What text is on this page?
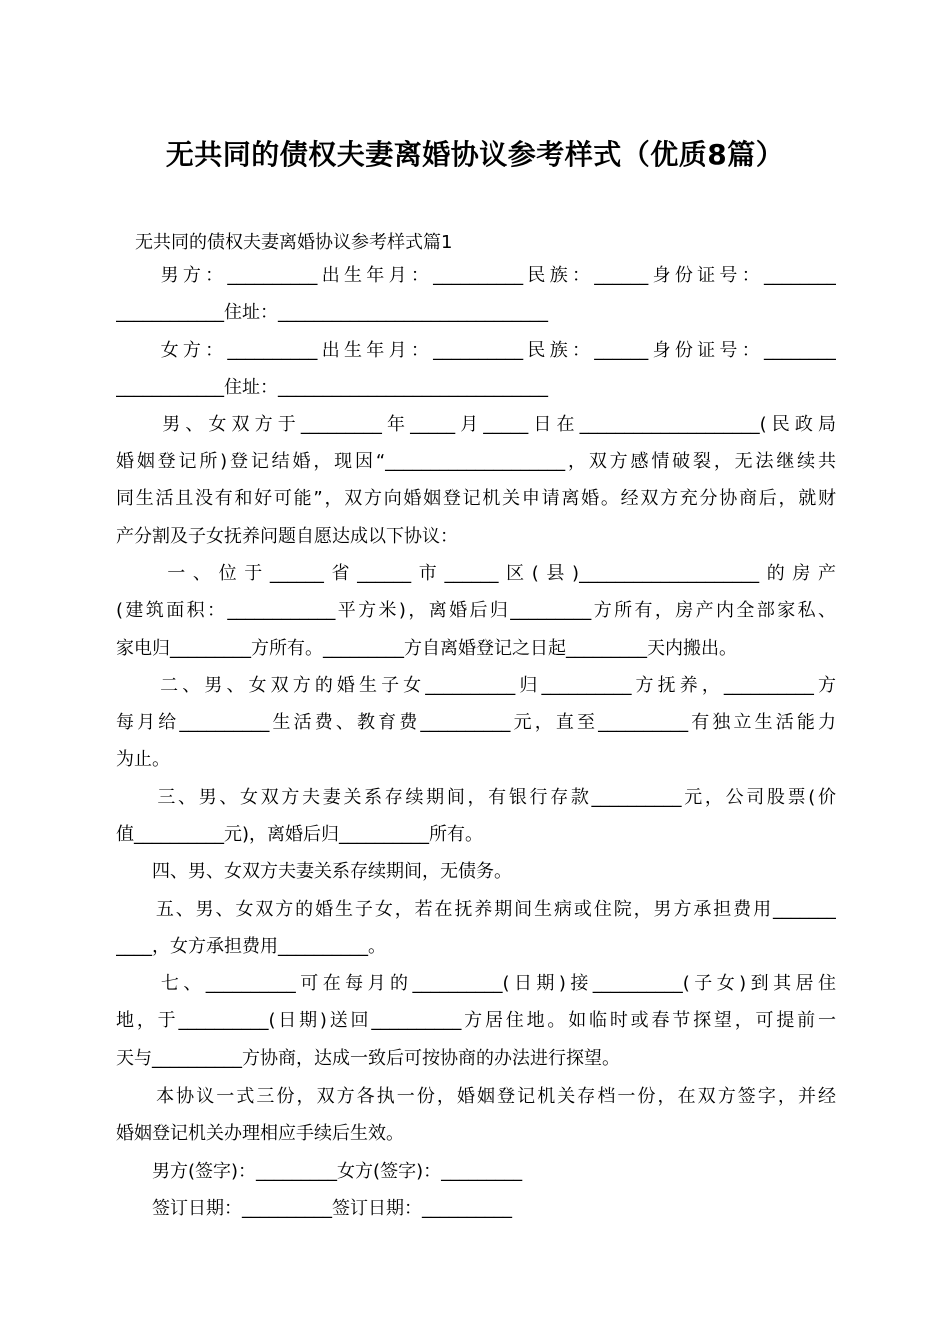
无共同的债权夫妻离婚协议参考样式（优质8篇）
无共同的债权夫妻离婚协议参考样式篇1
　　男方：__________出生年月：__________民族：______身份证号：________
____________住址：______________________________
　　女方：__________出生年月：__________民族：______身份证号：________
____________住址：______________________________
　　男、女双方于_________年_____月_____日在____________________(民政局
婚姻登记所)登记结婚，现因“____________________，双方感情破裂，无法继续共
同生活且没有和好可能”，双方向婚姻登记机关申请离婚。经双方充分协商后，就财
产分割及子女抚养问题自愿达成以下协议：
　　一、位于______省______市______区(县)____________________的房产
(建筑面积：____________平方米)，离婚后归_________方所有，房产内全部家私、
家电归_________方所有。_________方自离婚登记之日起_________天内搬出。
　　二、男、女双方的婚生子女__________归__________方抚养，__________方
每月给__________生活费、教育费__________元，直至__________有独立生活能力
为止。
　　三、男、女双方夫妻关系存续期间，有银行存款__________元，公司股票(价
值__________元)，离婚后归__________所有。
　　四、男、女双方夫妻关系存续期间，无债务。
　　五、男、女双方的婚生子女，若在抚养期间生病或住院，男方承担费用_______
____，女方承担费用__________。
　　七、__________可在每月的__________(日期)接__________(子女)到其居住
地，于__________(日期)送回__________方居住地。如临时或春节探望，可提前一
天与__________方协商，达成一致后可按协商的办法进行探望。
　　本协议一式三份，双方各执一份，婚姻登记机关存档一份，在双方签字，并经
婚姻登记机关办理相应手续后生效。
　　男方(签字)：_________女方(签字)：_________
　　签订日期：__________签订日期：__________
